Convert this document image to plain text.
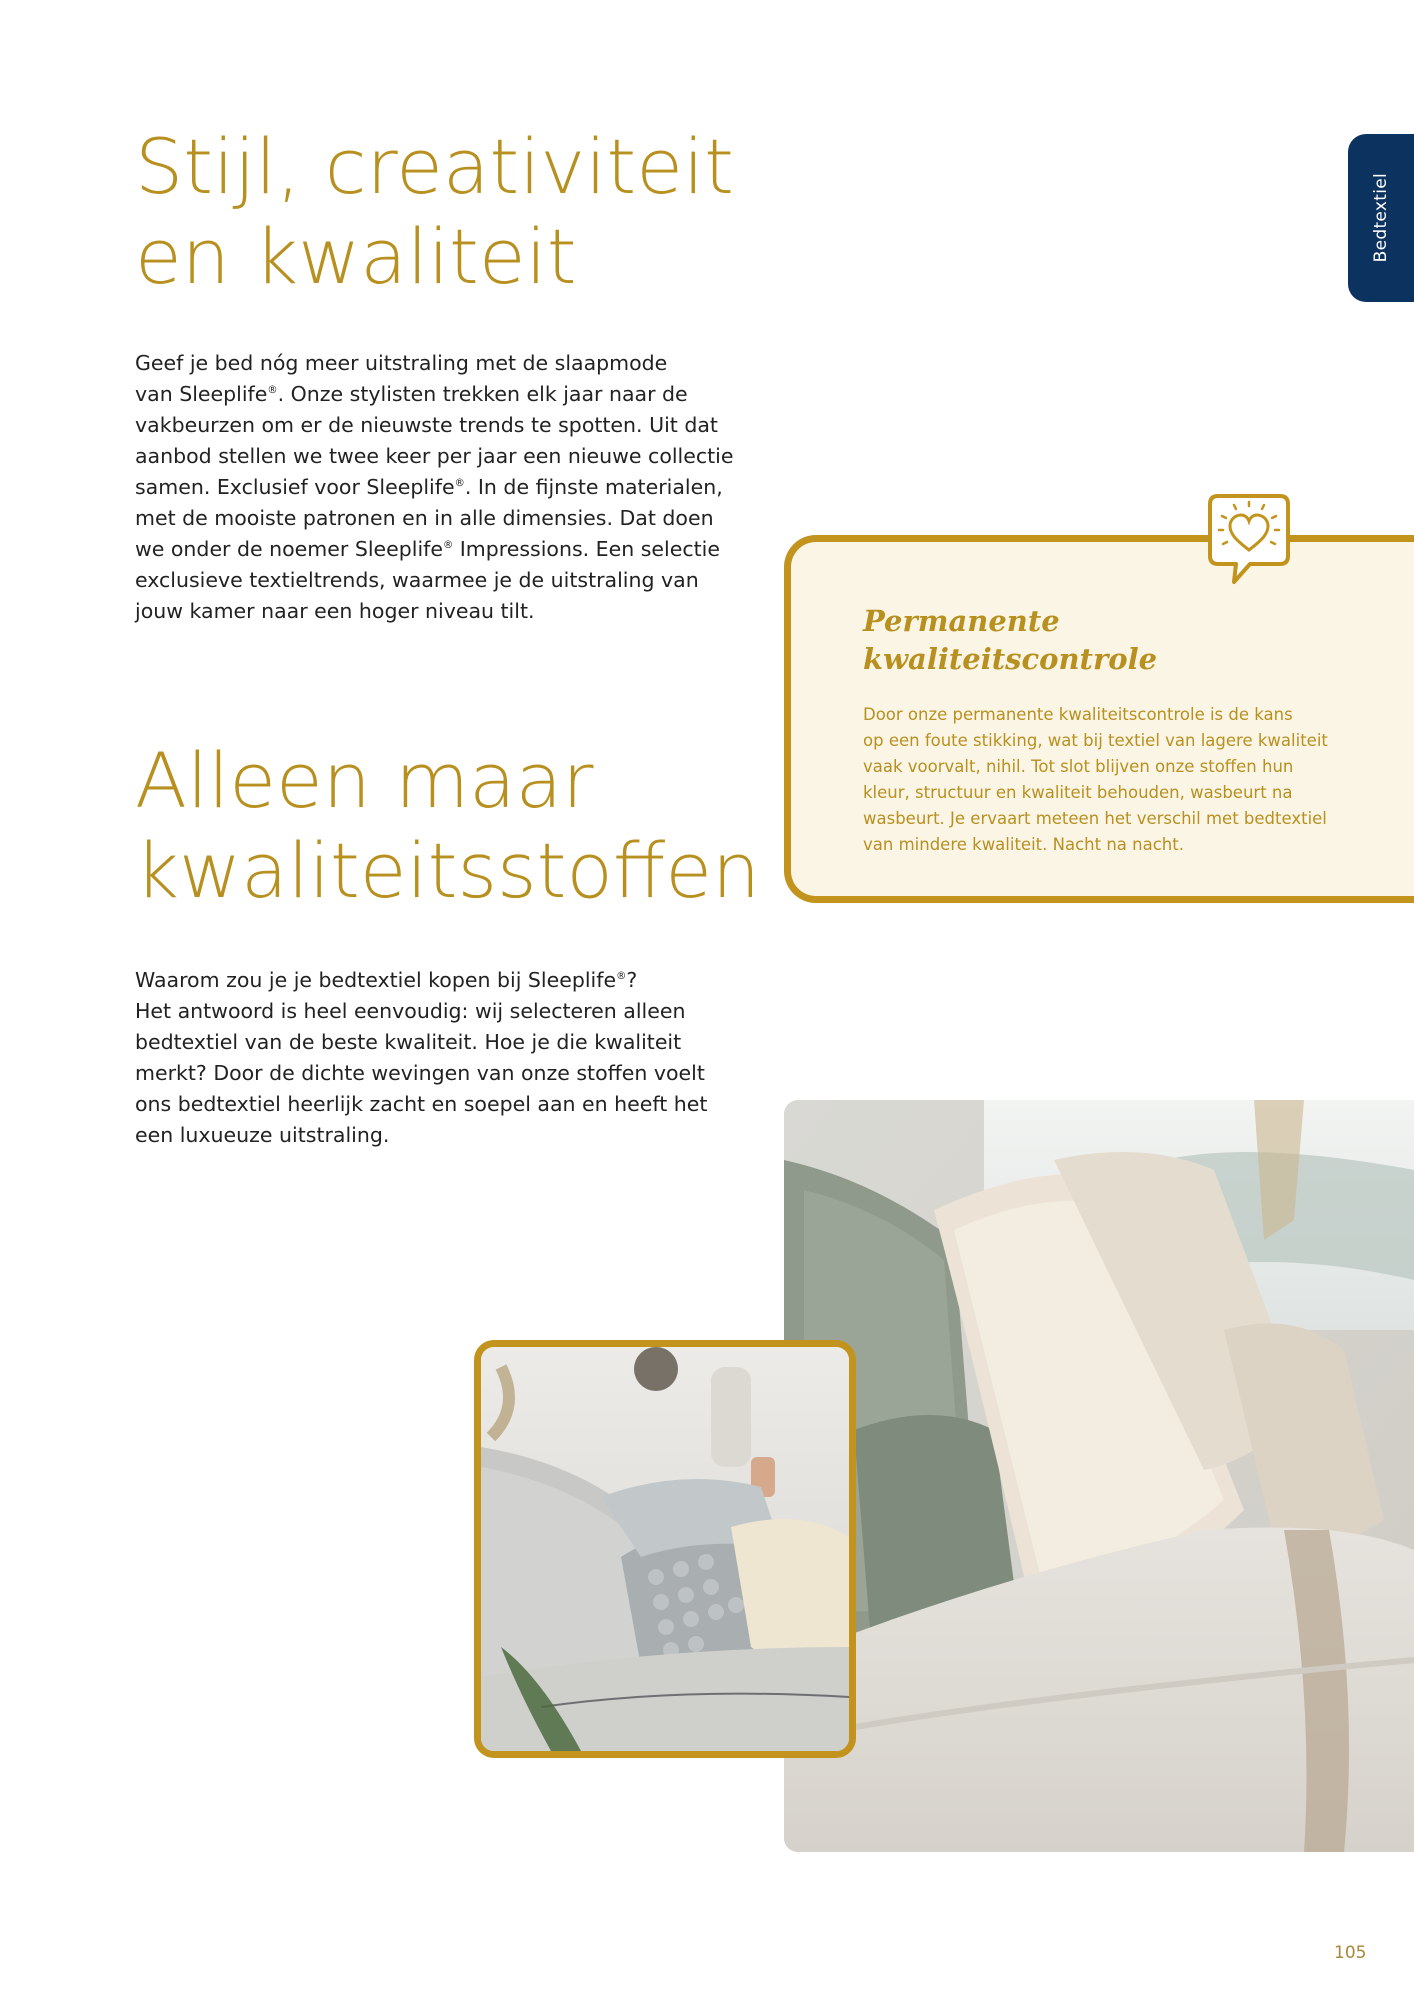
Bedtextiel
Stijl, creativiteit
en kwaliteit

Geef je bed nóg meer uitstraling met de slaapmode
van Sleeplife®. Onze stylisten trekken elk jaar naar de
vakbeurzen om er de nieuwste trends te spotten. Uit dat
aanbod stellen we twee keer per jaar een nieuwe collectie
samen. Exclusief voor Sleeplife®. In de fijnste materialen,
met de mooiste patronen en in alle dimensies. Dat doen
we onder de noemer Sleeplife® Impressions. Een selectie
exclusieve textieltrends, waarmee je de uitstraling van
jouw kamer naar een hoger niveau tilt.

Alleen maar
kwaliteitsstoffen

Waarom zou je je bedtextiel kopen bij Sleeplife®?
Het antwoord is heel eenvoudig: wij selecteren alleen
bedtextiel van de beste kwaliteit. Hoe je die kwaliteit
merkt? Door de dichte wevingen van onze stoffen voelt
ons bedtextiel heerlijk zacht en soepel aan en heeft het
een luxueuze uitstraling.

Permanente
kwaliteitscontrole

Door onze permanente kwaliteitscontrole is de kans
op een foute stikking, wat bij textiel van lagere kwaliteit
vaak voorvalt, nihil. Tot slot blijven onze stoffen hun
kleur, structuur en kwaliteit behouden, wasbeurt na
wasbeurt. Je ervaart meteen het verschil met bedtextiel
van mindere kwaliteit. Nacht na nacht.

105
